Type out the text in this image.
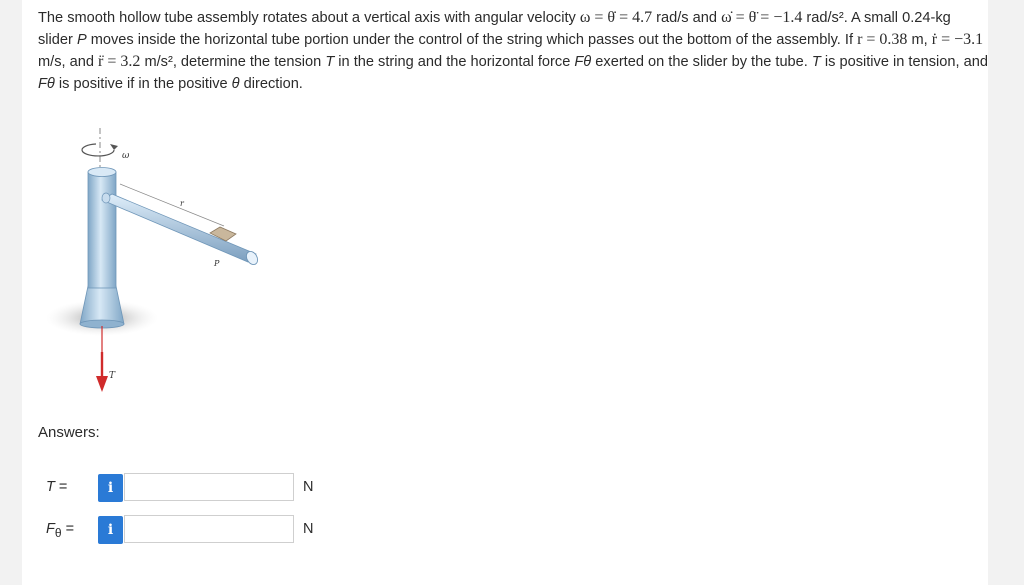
The smooth hollow tube assembly rotates about a vertical axis with angular velocity ω = θ̇ = 4.7 rad/s and ω̇ = θ̈ = −1.4 rad/s². A small 0.24-kg slider P moves inside the horizontal tube portion under the control of the string which passes out the bottom of the assembly. If r = 0.38 m, ṙ = −3.1 m/s, and r̈ = 3.2 m/s², determine the tension T in the string and the horizontal force Fθ exerted on the slider by the tube. T is positive in tension, and Fθ is positive if in the positive θ direction.

ω
r
P
T
Answers:
T =	i	N
$F_\theta$ =	i	N
